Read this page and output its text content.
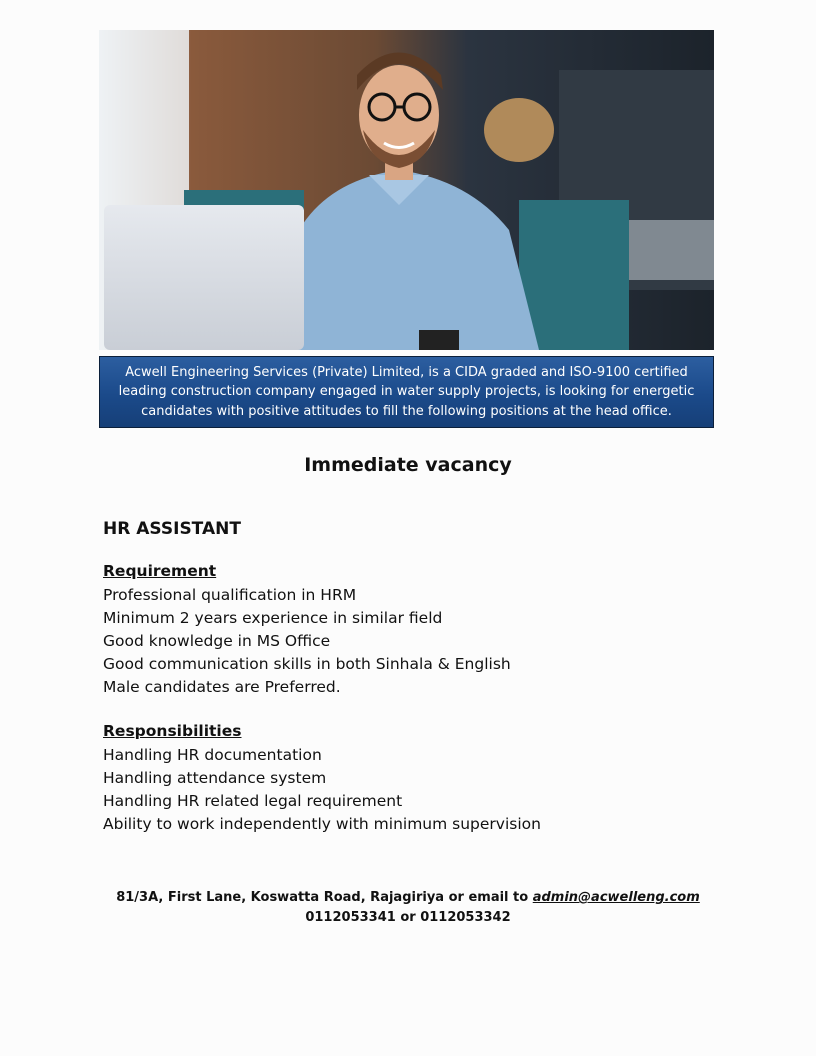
Acwell Engineering Services (Private) Limited, is a CIDA graded and ISO-9100 certified leading construction company engaged in water supply projects, is looking for energetic candidates with positive attitudes to fill the following positions at the head office.

Immediate vacancy
HR ASSISTANT
Requirement
Professional qualification in HRM
Minimum 2 years experience in similar field
Good knowledge in MS Office
Good communication skills in both Sinhala & English
Male candidates are Preferred.
Responsibilities
Handling HR documentation
Handling attendance system
Handling HR related legal requirement
Ability to work independently with minimum supervision
81/3A, First Lane, Koswatta Road, Rajagiriya or email to admin@acwelleng.com
0112053341 or 0112053342
